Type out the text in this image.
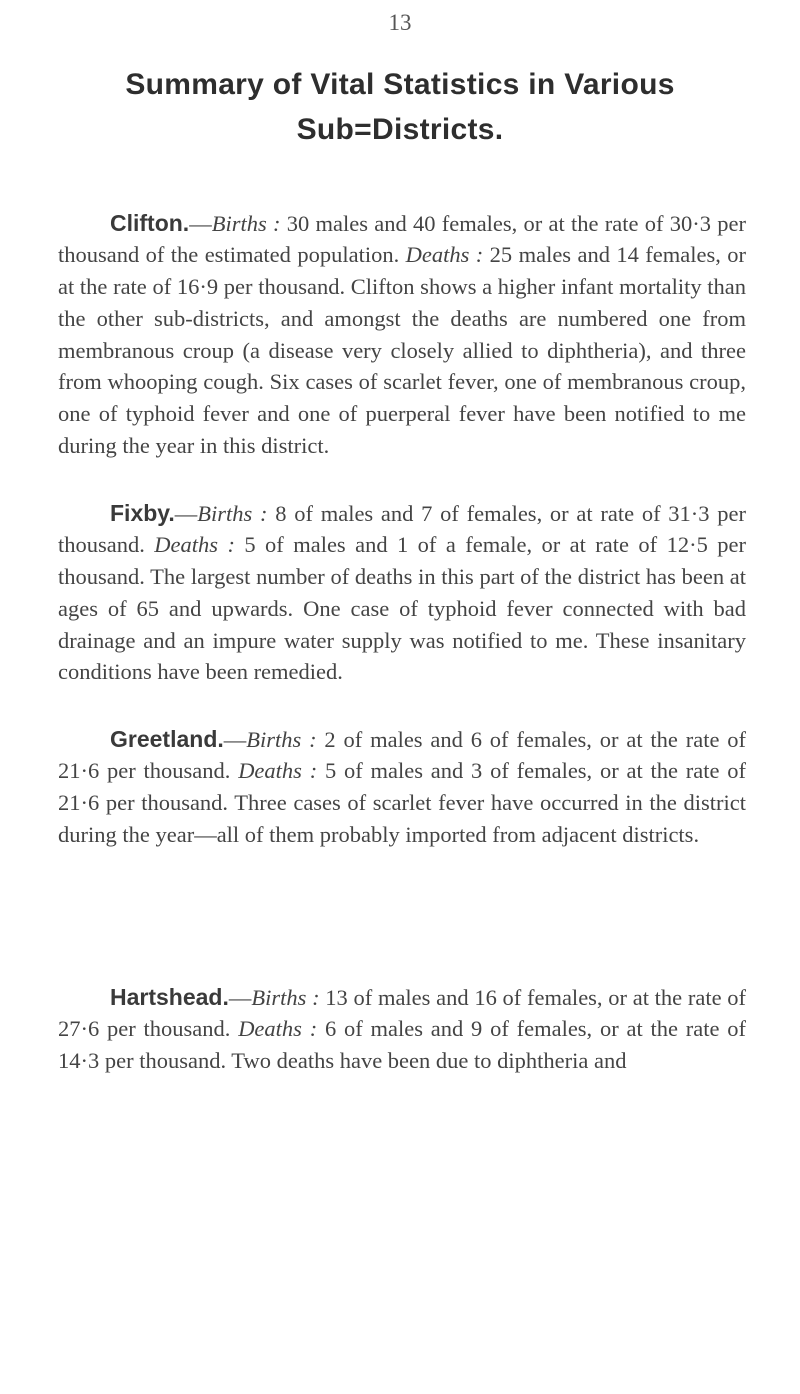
13
Summary of Vital Statistics in Various
Sub=Districts.

Clifton.—Births : 30 males and 40 females, or at the rate of 30·3 per thousand of the estimated population. Deaths : 25 males and 14 females, or at the rate of 16·9 per thousand. Clifton shows a higher infant mortality than the other sub-districts, and amongst the deaths are numbered one from membranous croup (a disease very closely allied to diphtheria), and three from whooping cough. Six cases of scarlet fever, one of membranous croup, one of typhoid fever and one of puerperal fever have been notified to me during the year in this district.

Fixby.—Births : 8 of males and 7 of females, or at rate of 31·3 per thousand. Deaths : 5 of males and 1 of a female, or at rate of 12·5 per thousand. The largest number of deaths in this part of the district has been at ages of 65 and upwards. One case of typhoid fever connected with bad drainage and an impure water supply was notified to me. These insanitary conditions have been remedied.

Greetland.—Births : 2 of males and 6 of females, or at the rate of 21·6 per thousand. Deaths : 5 of males and 3 of females, or at the rate of 21·6 per thousand. Three cases of scarlet fever have occurred in the district during the year—all of them probably imported from adjacent districts.

Hartshead.—Births : 13 of males and 16 of females, or at the rate of 27·6 per thousand. Deaths : 6 of males and 9 of females, or at the rate of 14·3 per thousand. Two deaths have been due to diphtheria and
